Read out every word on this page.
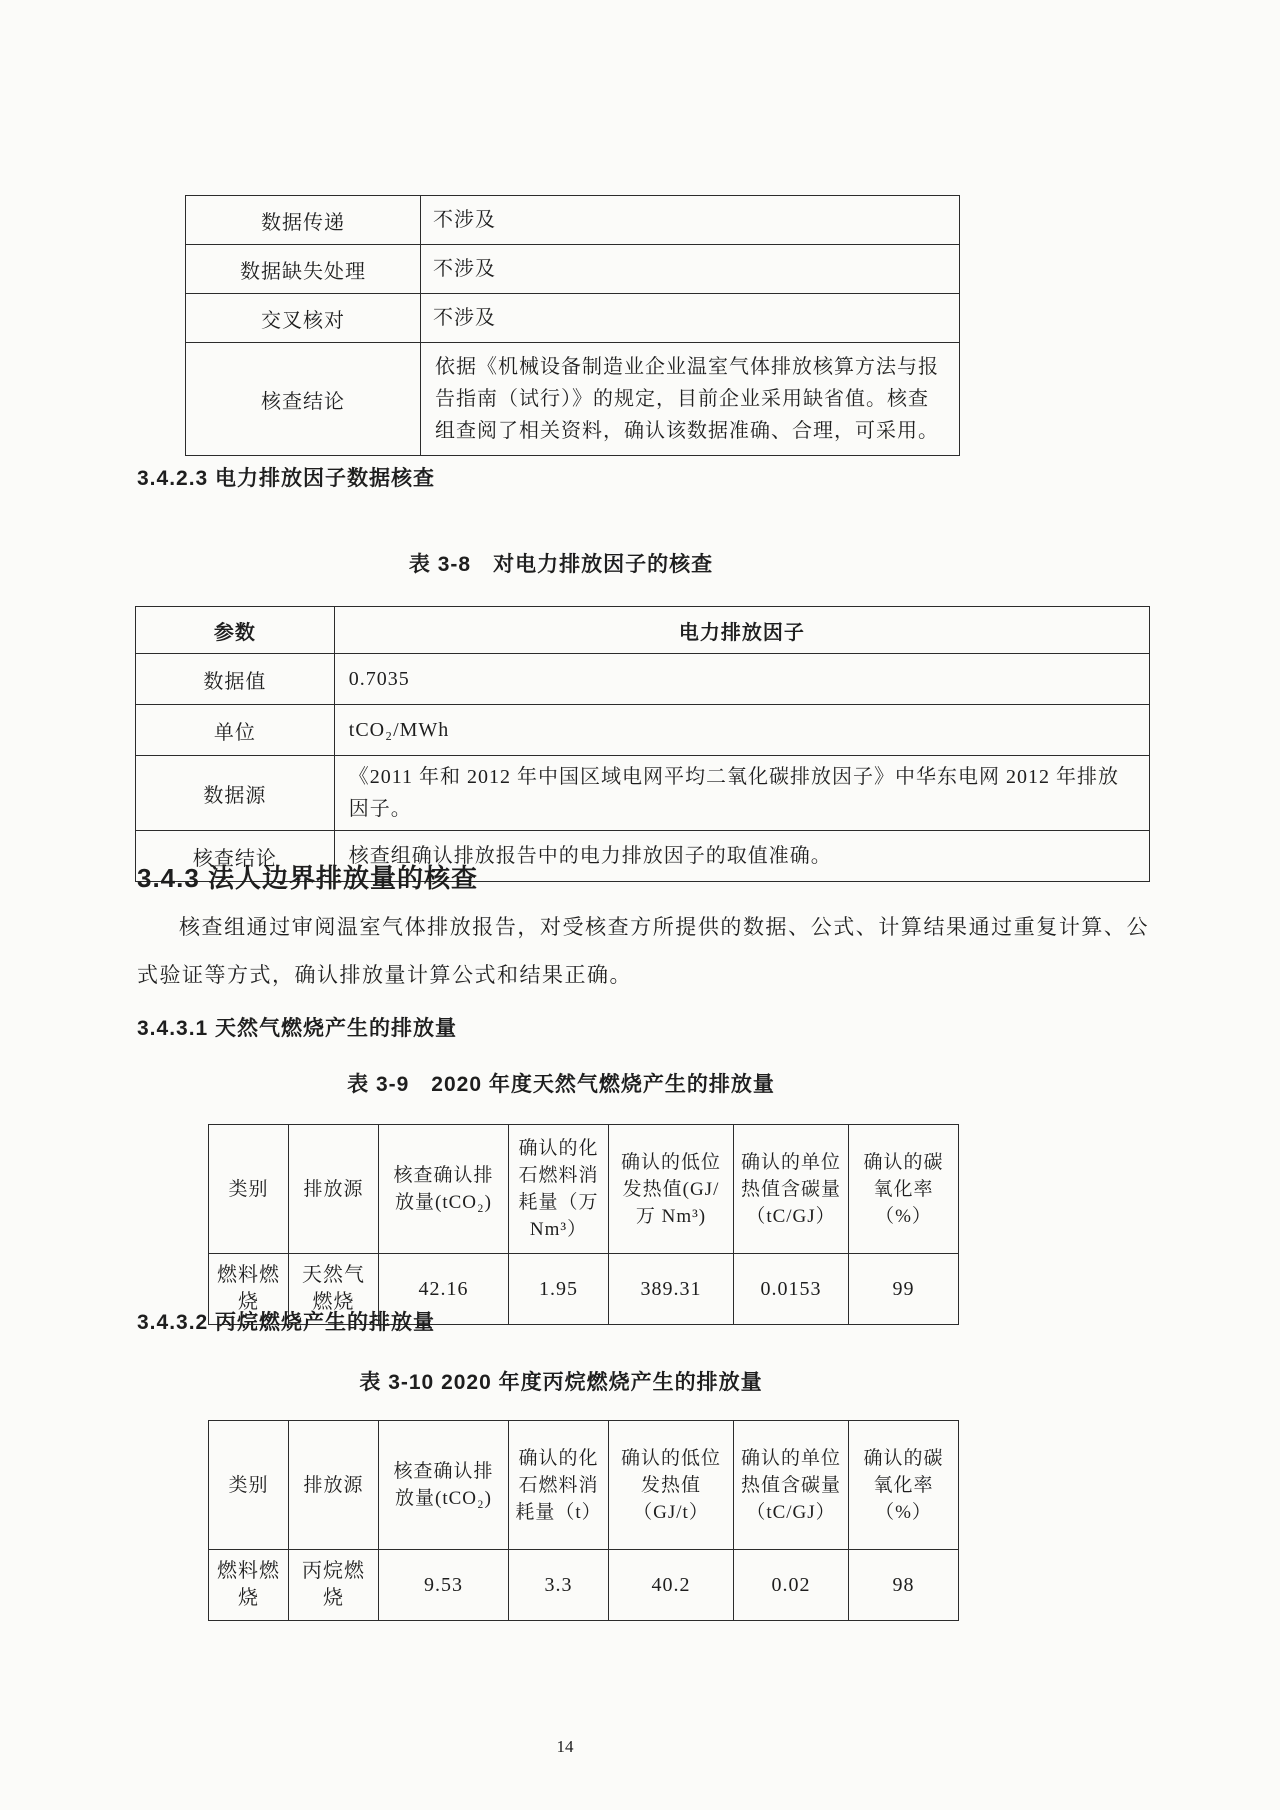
数据传递	不涉及
数据缺失处理	不涉及
交叉核对	不涉及
核查结论	依据《机械设备制造业企业温室气体排放核算方法与报告指南（试行）》的规定，目前企业采用缺省值。核查组查阅了相关资料，确认该数据准确、合理，可采用。
3.4.2.3 电力排放因子数据核查
表 3-8　对电力排放因子的核查
参数	电力排放因子
数据值	0.7035
单位	tCO₂/MWh
数据源	《2011 年和 2012 年中国区域电网平均二氧化碳排放因子》中华东电网 2012 年排放因子。
核查结论	核查组确认排放报告中的电力排放因子的取值准确。
3.4.3 法人边界排放量的核查
核查组通过审阅温室气体排放报告，对受核查方所提供的数据、公式、计算结果通过重复计算、公式验证等方式，确认排放量计算公式和结果正确。
3.4.3.1 天然气燃烧产生的排放量
表 3-9　2020 年度天然气燃烧产生的排放量
类别	排放源	核查确认排放量(tCO₂)	确认的化石燃料消耗量（万 Nm³）	确认的低位发热值(GJ/万 Nm³)	确认的单位热值含碳量（tC/GJ）	确认的碳氧化率（%）
燃料燃烧	天然气燃烧	42.16	1.95	389.31	0.0153	99
3.4.3.2 丙烷燃烧产生的排放量
表 3-10 2020 年度丙烷燃烧产生的排放量
类别	排放源	核查确认排放量(tCO₂)	确认的化石燃料消耗量（t）	确认的低位发热值（GJ/t）	确认的单位热值含碳量（tC/GJ）	确认的碳氧化率（%）
燃料燃烧	丙烷燃烧	9.53	3.3	40.2	0.02	98
14
